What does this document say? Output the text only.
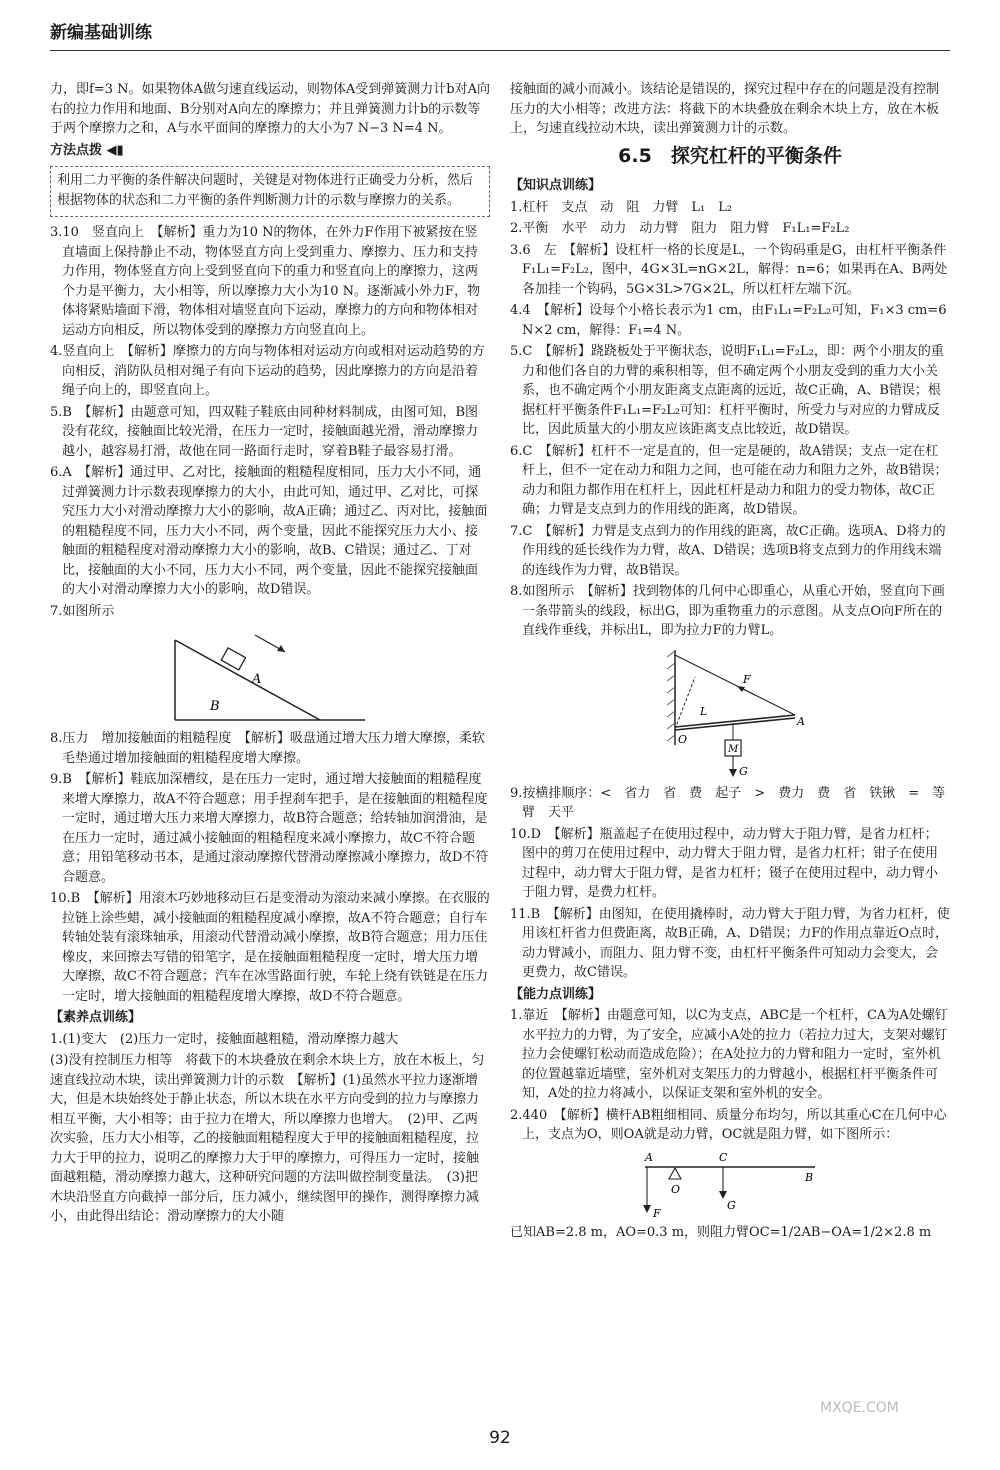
新编基础训练

力，即f=3 N。如果物体A做匀速直线运动，则物体A受到弹簧测力计b对A向右的拉力作用和地面、B分别对A向左的摩擦力；并且弹簧测力计b的示数等于两个摩擦力之和，A与水平面间的摩擦力的大小为7 N−3 N=4 N。

方法点拨 ◀▮

利用二力平衡的条件解决问题时，关键是对物体进行正确受力分析，然后根据物体的状态和二力平衡的条件判断测力计的示数与摩擦力的关系。

3.10　竖直向上　【解析】重力为10 N的物体，在外力F作用下被紧按在竖直墙面上保持静止不动，物体竖直方向上受到重力、摩擦力、压力和支持力作用，物体竖直方向上受到竖直向下的重力和竖直向上的摩擦力，这两个力是平衡力，大小相等，所以摩擦力大小为10 N。逐渐减小外力F，物体将紧贴墙面下滑，物体相对墙竖直向下运动，摩擦力的方向和物体相对运动方向相反，所以物体受到的摩擦力方向竖直向上。

4.竖直向上　【解析】摩擦力的方向与物体相对运动方向或相对运动趋势的方向相反，消防队员相对绳子有向下运动的趋势，因此摩擦力的方向是沿着绳子向上的，即竖直向上。

5.B　【解析】由题意可知，四双鞋子鞋底由同种材料制成，由图可知，B图没有花纹，接触面比较光滑，在压力一定时，接触面越光滑，滑动摩擦力越小，越容易打滑，故他在同一路面行走时，穿着B鞋子最容易打滑。

6.A　【解析】通过甲、乙对比，接触面的粗糙程度相同，压力大小不同，通过弹簧测力计示数表现摩擦力的大小，由此可知，通过甲、乙对比，可探究压力大小对滑动摩擦力大小的影响，故A正确；通过乙、丙对比，接触面的粗糙程度不同，压力大小不同，两个变量，因此不能探究压力大小、接触面的粗糙程度对滑动摩擦力大小的影响，故B、C错误；通过乙、丁对比，接触面的大小不同，压力大小不同，两个变量，因此不能探究接触面的大小对滑动摩擦力大小的影响，故D错误。

7.如图所示

A
B

8.压力　增加接触面的粗糙程度　【解析】吸盘通过增大压力增大摩擦，柔软毛垫通过增加接触面的粗糙程度增大摩擦。

9.B　【解析】鞋底加深槽纹，是在压力一定时，通过增大接触面的粗糙程度来增大摩擦力，故A不符合题意；用手捏刹车把手，是在接触面的粗糙程度一定时，通过增大压力来增大摩擦力，故B符合题意；给转轴加润滑油，是在压力一定时，通过减小接触面的粗糙程度来减小摩擦力，故C不符合题意；用铅笔移动书本，是通过滚动摩擦代替滑动摩擦减小摩擦力，故D不符合题意。

10.B　【解析】用滚木巧妙地移动巨石是变滑动为滚动来减小摩擦。在衣服的拉链上涂些蜡，减小接触面的粗糙程度减小摩擦，故A不符合题意；自行车转轴处装有滚珠轴承，用滚动代替滑动减小摩擦，故B符合题意；用力压住橡皮，来回擦去写错的铅笔字，是在接触面粗糙程度一定时，增大压力增大摩擦，故C不符合题意；汽车在冰雪路面行驶，车轮上绕有铁链是在压力一定时，增大接触面的粗糙程度增大摩擦，故D不符合题意。

【素养点训练】

1.(1)变大　(2)压力一定时，接触面越粗糙，滑动摩擦力越大

(3)没有控制压力相等　将截下的木块叠放在剩余木块上方，放在木板上，匀速直线拉动木块，读出弹簧测力计的示数　【解析】(1)虽然水平拉力逐渐增大，但是木块始终处于静止状态，所以木块在水平方向受到的拉力与摩擦力相互平衡，大小相等；由于拉力在增大，所以摩擦力也增大。　(2)甲、乙两次实验，压力大小相等，乙的接触面粗糙程度大于甲的接触面粗糙程度，拉力大于甲的拉力，说明乙的摩擦力大于甲的摩擦力，可得压力一定时，接触面越粗糙，滑动摩擦力越大，这种研究问题的方法叫做控制变量法。　(3)把木块沿竖直方向截掉一部分后，压力减小，继续图甲的操作，测得摩擦力减小，由此得出结论：滑动摩擦力的大小随

接触面的减小而减小。该结论是错误的，探究过程中存在的问题是没有控制压力的大小相等；改进方法：将截下的木块叠放在剩余木块上方，放在木板上，匀速直线拉动木块，读出弹簧测力计的示数。

6.5　探究杠杆的平衡条件
【知识点训练】

1.杠杆　支点　动　阻　力臂　L₁　L₂

2.平衡　水平　动力　动力臂　阻力　阻力臂　F₁L₁=F₂L₂

3.6　左　【解析】设杠杆一格的长度是L，一个钩码重是G，由杠杆平衡条件F₁L₁=F₂L₂，图中，4G×3L=nG×2L，解得：n=6；如果再在A、B两处各加挂一个钩码，5G×3L>7G×2L，所以杠杆左端下沉。

4.4　【解析】设每个小格长表示为1 cm，由F₁L₁=F₂L₂可知，F₁×3 cm=6 N×2 cm，解得：F₁=4 N。

5.C　【解析】跷跷板处于平衡状态，说明F₁L₁=F₂L₂，即：两个小朋友的重力和他们各自的力臂的乘积相等，但不确定两个小朋友受到的重力大小关系，也不确定两个小朋友距离支点距离的远近，故C正确，A、B错误；根据杠杆平衡条件F₁L₁=F₂L₂可知：杠杆平衡时，所受力与对应的力臂成反比，因此质量大的小朋友应该距离支点比较近，故D错误。

6.C　【解析】杠杆不一定是直的，但一定是硬的，故A错误；支点一定在杠杆上，但不一定在动力和阻力之间，也可能在动力和阻力之外，故B错误；动力和阻力都作用在杠杆上，因此杠杆是动力和阻力的受力物体，故C正确；力臂是支点到力的作用线的距离，故D错误。

7.C　【解析】力臂是支点到力的作用线的距离，故C正确。选项A、D将力的作用线的延长线作为力臂，故A、D错误；选项B将支点到力的作用线末端的连线作为力臂，故B错误。

8.如图所示　【解析】找到物体的几何中心即重心，从重心开始，竖直向下画一条带箭头的线段，标出G，即为重物重力的示意图。从支点O向F所在的直线作垂线，并标出L，即为拉力F的力臂L。

F
L
O
A
M
G

9.按横排顺序：<　省力　省　费　起子　>　费力　费　省　铁锹　=　等臂　天平

10.D　【解析】瓶盖起子在使用过程中，动力臂大于阻力臂，是省力杠杆；图中的剪刀在使用过程中，动力臂大于阻力臂，是省力杠杆；钳子在使用过程中，动力臂大于阻力臂，是省力杠杆；镊子在使用过程中，动力臂小于阻力臂，是费力杠杆。

11.B　【解析】由图知，在使用撬棒时，动力臂大于阻力臂，为省力杠杆，使用该杠杆省力但费距离，故B正确，A、D错误；力F的作用点靠近O点时，动力臂减小，而阻力、阻力臂不变，由杠杆平衡条件可知动力会变大，会更费力，故C错误。

【能力点训练】

1.靠近　【解析】由题意可知，以C为支点，ABC是一个杠杆，CA为A处螺钉水平拉力的力臂，为了安全，应减小A处的拉力（若拉力过大，支架对螺钉拉力会使螺钉松动而造成危险）；在A处拉力的力臂和阻力一定时，室外机的位置越靠近墙壁，室外机对支架压力的力臂越小，根据杠杆平衡条件可知，A处的拉力将减小，以保证支架和室外机的安全。

2.440　【解析】横杆AB粗细相同、质量分布均匀，所以其重心C在几何中心上，支点为O，则OA就是动力臂，OC就是阻力臂，如下图所示：

A	C
B
O
G
F

已知AB=2.8 m，AO=0.3 m，则阻力臂OC=1/2AB−OA=1/2×2.8 m

92
MXQE.COM
